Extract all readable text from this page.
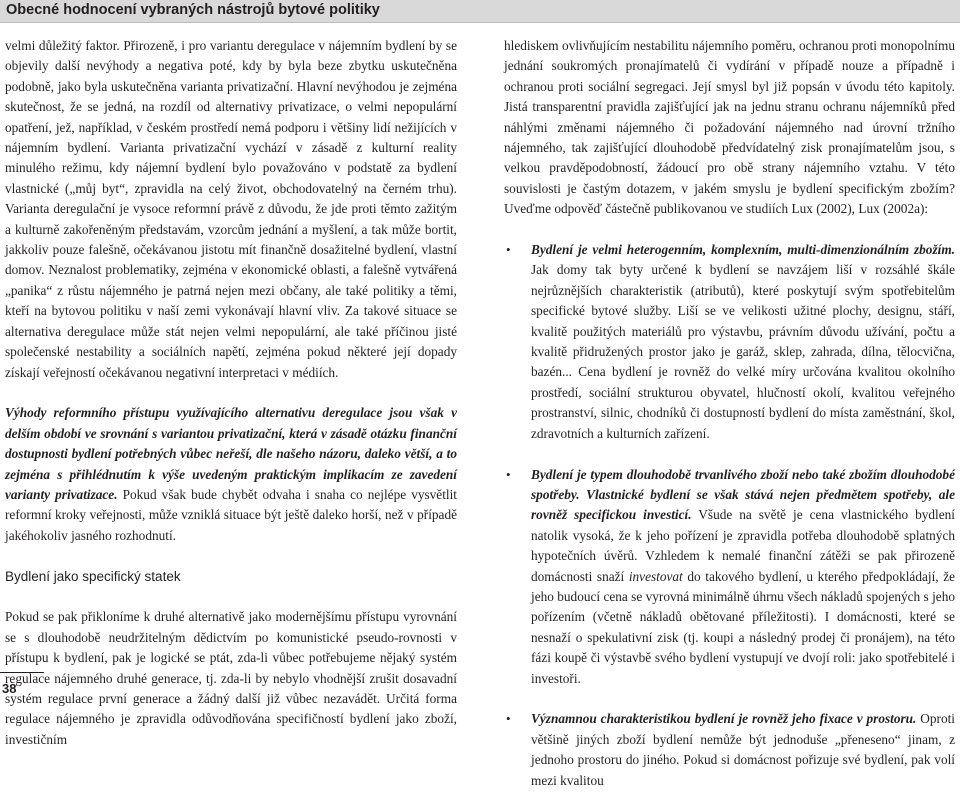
Obecné hodnocení vybraných nástrojů bytové politiky

velmi důležitý faktor. Přirozeně, i pro variantu deregulace v nájemním bydlení by se objevily další nevýhody a negativa poté, kdy by byla beze zbytku uskutečněna podobně, jako byla uskutečněna varianta privatizační. Hlavní nevýhodou je zejména skutečnost, že se jedná, na rozdíl od alternativy privatizace, o velmi nepopulární opatření, jež, například, v českém prostředí nemá podporu i většiny lidí nežijících v nájemním bydlení. Varianta privatizační vychází v zásadě z kulturní reality minulého režimu, kdy nájemní bydlení bylo považováno v podstatě za bydlení vlastnické („můj byt“, zpravidla na celý život, obchodovatelný na černém trhu). Varianta deregulační je vysoce reformní právě z důvodu, že jde proti těmto zažitým a kulturně zakořeněným představám, vzorcům jednání a myšlení, a tak může bortit, jakkoliv pouze falešně, očekávanou jistotu mít finančně dosažitelné bydlení, vlastní domov. Neznalost problematiky, zejména v ekonomické oblasti, a falešně vytvářená „panika“ z růstu nájemného je patrná nejen mezi občany, ale také politiky a těmi, kteří na bytovou politiku v naší zemi vykonávají hlavní vliv. Za takové situace se alternativa deregulace může stát nejen velmi nepopulární, ale také příčinou jisté společenské nestability a sociálních napětí, zejména pokud některé její dopady získají veřejností očekávanou negativní interpretaci v médiích.

Výhody reformního přístupu využívajícího alternativu deregulace jsou však v delším období ve srovnání s variantou privatizační, která v zásadě otázku finanční dostupnosti bydlení potřebných vůbec neřeší, dle našeho názoru, daleko větší, a to zejména s přihlédnutím k výše uvedeným praktickým implikacím ze zavedení varianty privatizace. Pokud však bude chybět odvaha i snaha co nejlépe vysvětlit reformní kroky veřejnosti, může vzniklá situace být ještě daleko horší, než v případě jakéhokoliv jasného rozhodnutí.

Bydlení jako specifický statek

Pokud se pak přikloníme k druhé alternativě jako modernějšímu přístupu vyrovnání se s dlouhodobě neudržitelným dědictvím po komunistické pseudo-rovnosti v přístupu k bydlení, pak je logické se ptát, zda-li vůbec potřebujeme nějaký systém regulace nájemného druhé generace, tj. zda-li by nebylo vhodnější zrušit dosavadní systém regulace první generace a žádný další již vůbec nezavádět. Určitá forma regulace nájemného je zpravidla odůvodňována specifičností bydlení jako zboží, investičním

hlediskem ovlivňujícím nestabilitu nájemního poměru, ochranou proti monopolnímu jednání soukromých pronajímatelů či vydírání v případě nouze a případně i ochranou proti sociální segregaci. Její smysl byl již popsán v úvodu této kapitoly. Jistá transparentní pravidla zajišťující jak na jednu stranu ochranu nájemníků před náhlými změnami nájemného či požadování nájemného nad úrovní tržního nájemného, tak zajišťující dlouhodobě předvídatelný zisk pronajímatelům jsou, s velkou pravděpodobností, žádoucí pro obě strany nájemního vztahu. V této souvislosti je častým dotazem, v jakém smyslu je bydlení specifickým zbožím? Uveďme odpověď částečně publikovanou ve studiích Lux (2002), Lux (2002a):

• Bydlení je velmi heterogenním, komplexním, multi-dimenzionálním zbožím. Jak domy tak byty určené k bydlení se navzájem liší v rozsáhlé škále nejrůznějších charakteristik (atributů), které poskytují svým spotřebitelům specifické bytové služby. Liší se ve velikosti užitné plochy, designu, stáří, kvalitě použitých materiálů pro výstavbu, právním důvodu užívání, počtu a kvalitě přidružených prostor jako je garáž, sklep, zahrada, dílna, tělocvična, bazén... Cena bydlení je rovněž do velké míry určována kvalitou okolního prostředí, sociální strukturou obyvatel, hlučností okolí, kvalitou veřejného prostranství, silnic, chodníků či dostupností bydlení do místa zaměstnání, škol, zdravotních a kulturních zařízení.
• Bydlení je typem dlouhodobě trvanlivého zboží nebo také zbožím dlouhodobé spotřeby. Vlastnické bydlení se však stává nejen předmětem spotřeby, ale rovněž specifickou investicí. Všude na světě je cena vlastnického bydlení natolik vysoká, že k jeho pořízení je zpravidla potřeba dlouhodobě splatných hypotečních úvěrů. Vzhledem k nemalé finanční zátěži se pak přirozeně domácnosti snaží investovat do takového bydlení, u kterého předpokládají, že jeho budoucí cena se vyrovná minimálně úhrnu všech nákladů spojených s jeho pořízením (včetně nákladů obětované příležitosti). I domácnosti, které se nesnaží o spekulativní zisk (tj. koupi a následný prodej či pronájem), na této fázi koupě či výstavbě svého bydlení vystupují ve dvojí roli: jako spotřebitelé i investoři.
• Významnou charakteristikou bydlení je rovněž jeho fixace v prostoru. Oproti většině jiných zboží bydlení nemůže být jednoduše „přeneseno“ jinam, z jednoho prostoru do jiného. Pokud si domácnost pořizuje své bydlení, pak volí mezi kvalitou
38
